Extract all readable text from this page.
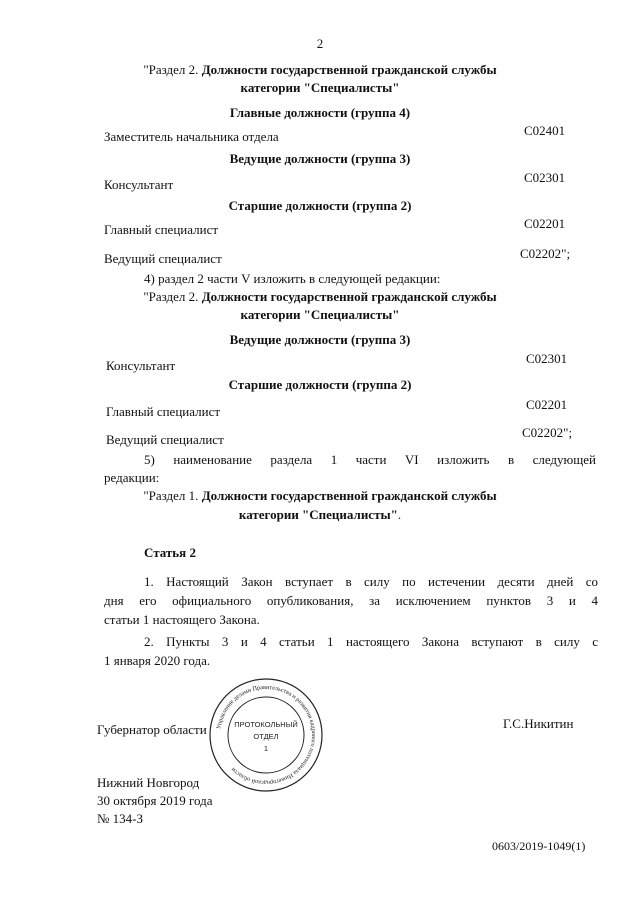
2
"Раздел 2. Должности государственной гражданской службы
категории "Специалисты"
Главные должности (группа 4)
Заместитель начальника отдела	С02401
Ведущие должности (группа 3)
Консультант	С02301
Старшие должности (группа 2)
Главный специалист	С02201
Ведущий специалист	С02202";
4) раздел 2 части V изложить в следующей редакции:
"Раздел 2. Должности государственной гражданской службы
категории "Специалисты"
Ведущие должности (группа 3)
Консультант	С02301
Старшие должности (группа 2)
Главный специалист	С02201
Ведущий специалист	С02202";
5) наименование раздела 1 части VI изложить в следующей
редакции:
"Раздел 1. Должности государственной гражданской службы
категории "Специалисты".
Статья 2
1. Настоящий Закон вступает в силу по истечении десяти дней со
дня его официального опубликования, за исключением пунктов 3 и 4
статьи 1 настоящего Закона.
2. Пункты 3 и 4 статьи 1 настоящего Закона вступают в силу с
1 января 2020 года.
Губернатор области	Г.С.Никитин
Управление делами Правительства и развития кадрового потенциала Нижегородской области
ПРОТОКОЛЬНЫЙ
ОТДЕЛ
1
Нижний Новгород
30 октября 2019 года
№ 134-З
0603/2019-1049(1)
